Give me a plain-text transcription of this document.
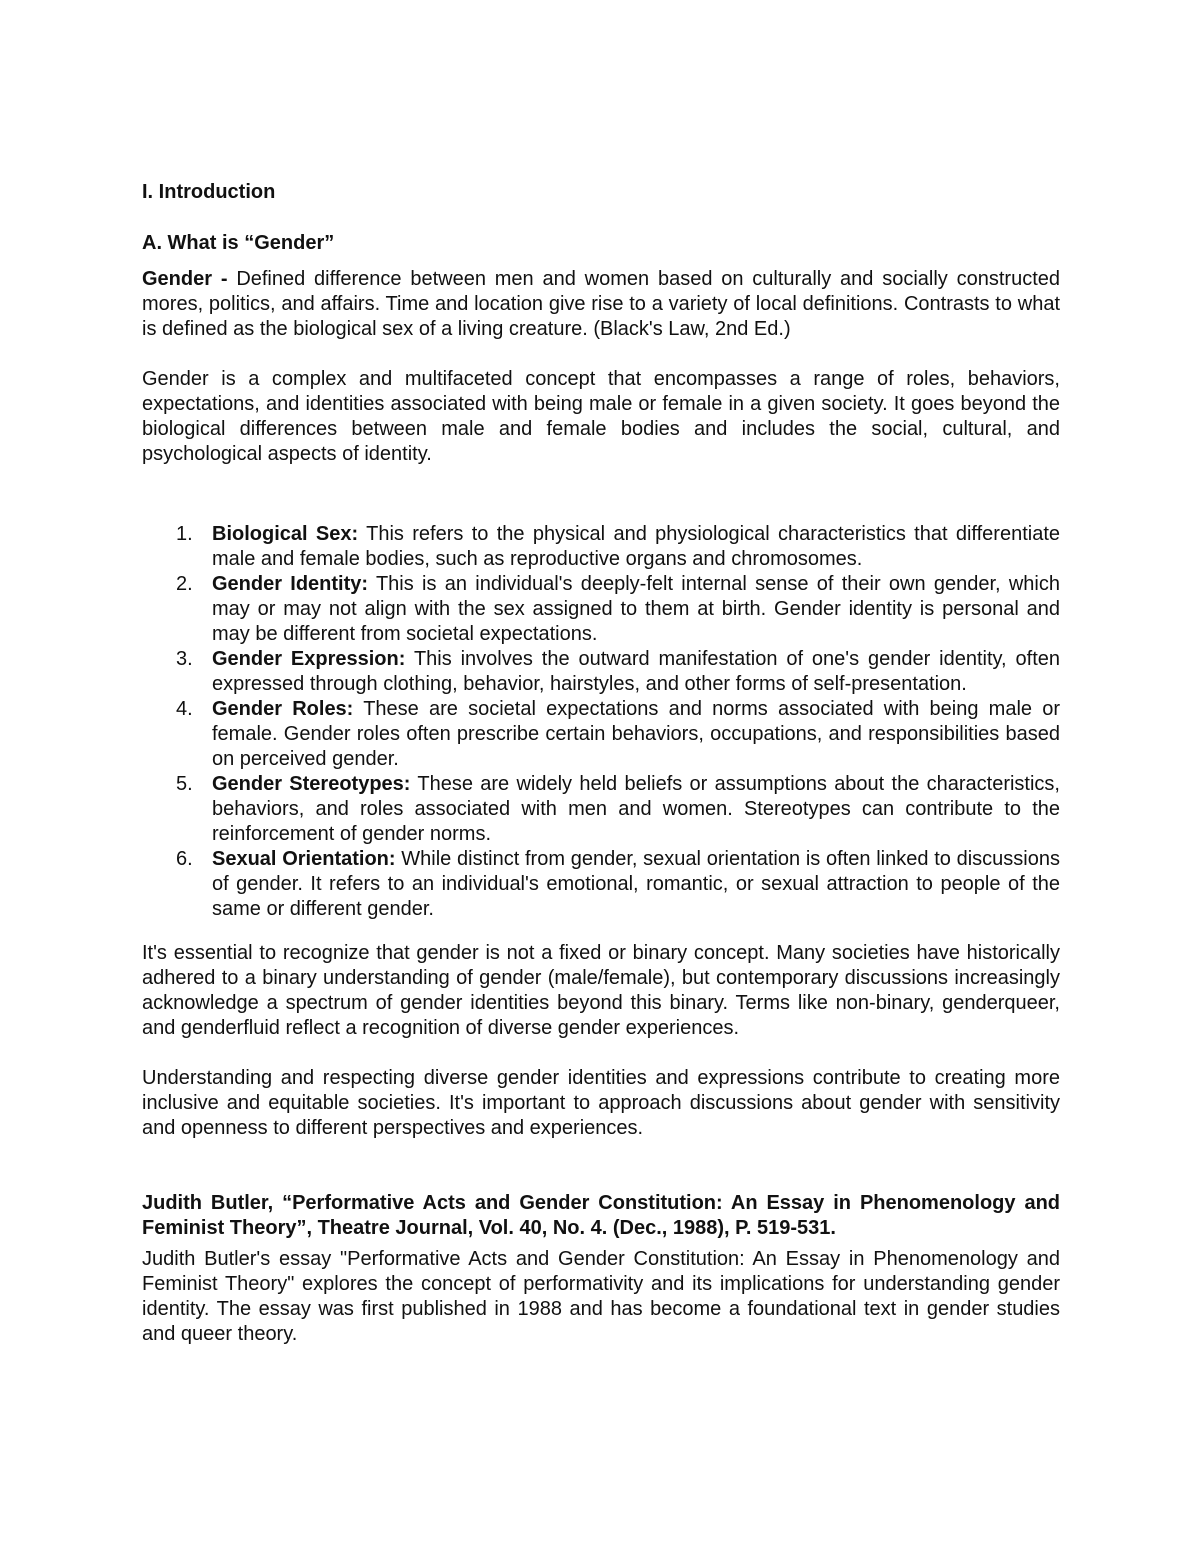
I. Introduction
A. What is “Gender”

Gender - Defined difference between men and women based on culturally and socially constructed mores, politics, and affairs. Time and location give rise to a variety of local definitions. Contrasts to what is defined as the biological sex of a living creature. (Black's Law, 2nd Ed.)

Gender is a complex and multifaceted concept that encompasses a range of roles, behaviors, expectations, and identities associated with being male or female in a given society. It goes beyond the biological differences between male and female bodies and includes the social, cultural, and psychological aspects of identity.

1. Biological Sex: This refers to the physical and physiological characteristics that differentiate male and female bodies, such as reproductive organs and chromosomes.
2. Gender Identity: This is an individual's deeply-felt internal sense of their own gender, which may or may not align with the sex assigned to them at birth. Gender identity is personal and may be different from societal expectations.
3. Gender Expression: This involves the outward manifestation of one's gender identity, often expressed through clothing, behavior, hairstyles, and other forms of self-presentation.
4. Gender Roles: These are societal expectations and norms associated with being male or female. Gender roles often prescribe certain behaviors, occupations, and responsibilities based on perceived gender.
5. Gender Stereotypes: These are widely held beliefs or assumptions about the characteristics, behaviors, and roles associated with men and women. Stereotypes can contribute to the reinforcement of gender norms.
6. Sexual Orientation: While distinct from gender, sexual orientation is often linked to discussions of gender. It refers to an individual's emotional, romantic, or sexual attraction to people of the same or different gender.

It's essential to recognize that gender is not a fixed or binary concept. Many societies have historically adhered to a binary understanding of gender (male/female), but contemporary discussions increasingly acknowledge a spectrum of gender identities beyond this binary. Terms like non-binary, genderqueer, and genderfluid reflect a recognition of diverse gender experiences.

Understanding and respecting diverse gender identities and expressions contribute to creating more inclusive and equitable societies. It's important to approach discussions about gender with sensitivity and openness to different perspectives and experiences.

Judith Butler, “Performative Acts and Gender Constitution: An Essay in Phenomenology and Feminist Theory”, Theatre Journal, Vol. 40, No. 4. (Dec., 1988), P. 519-531.

Judith Butler's essay "Performative Acts and Gender Constitution: An Essay in Phenomenology and Feminist Theory" explores the concept of performativity and its implications for understanding gender identity. The essay was first published in 1988 and has become a foundational text in gender studies and queer theory.
